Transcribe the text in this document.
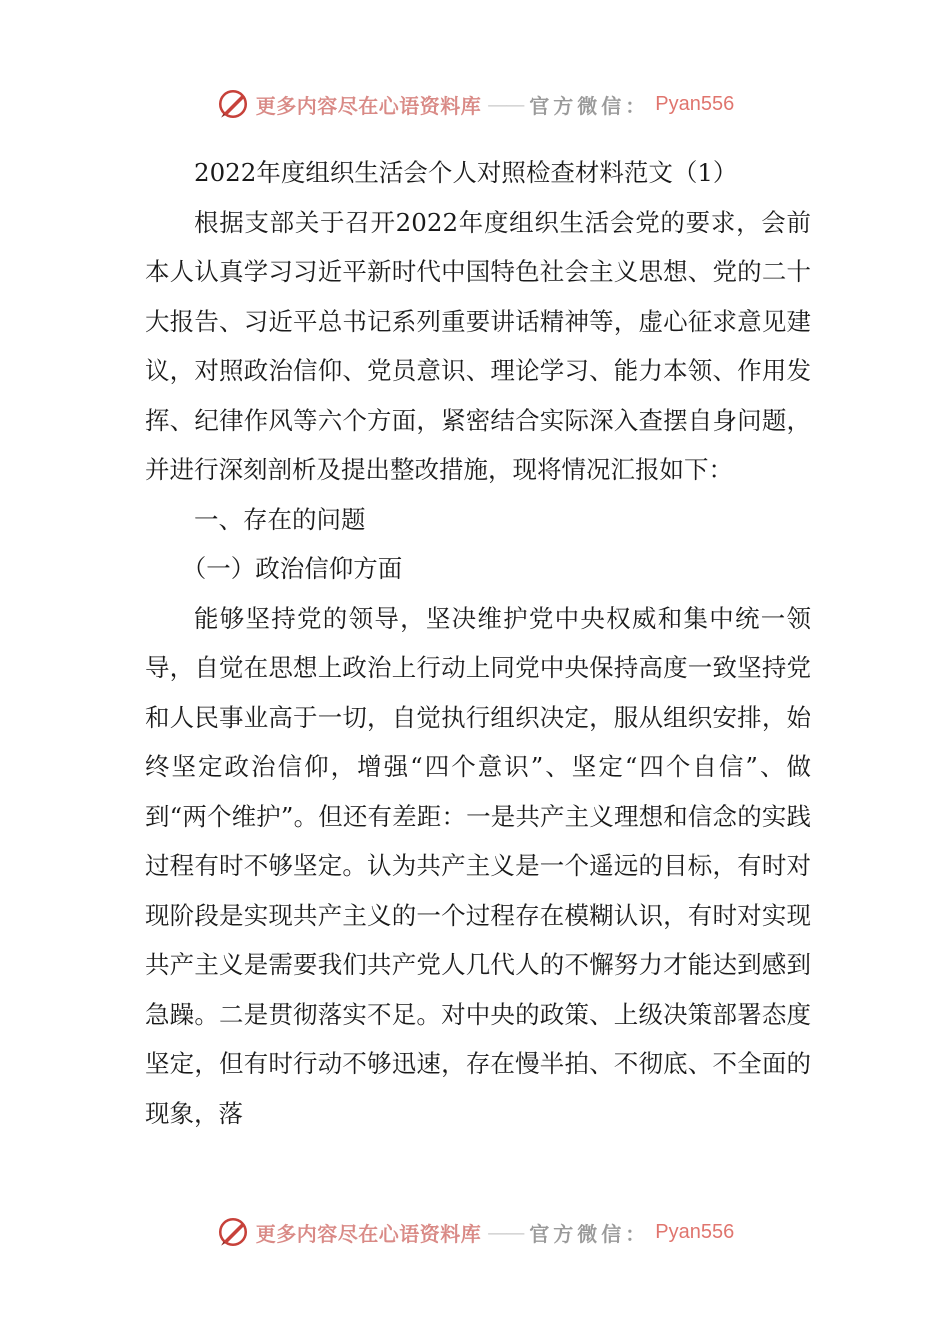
更多内容尽在心语资料库 —— 官方微信： Pyan556

2022年度组织生活会个人对照检查材料范文（1）

根据支部关于召开2022年度组织生活会党的要求，会前本人认真学习习近平新时代中国特色社会主义思想、党的二十大报告、习近平总书记系列重要讲话精神等，虚心征求意见建议，对照政治信仰、党员意识、理论学习、能力本领、作用发挥、纪律作风等六个方面，紧密结合实际深入查摆自身问题，并进行深刻剖析及提出整改措施，现将情况汇报如下：

一、存在的问题

（一）政治信仰方面

能够坚持党的领导，坚决维护党中央权威和集中统一领导，自觉在思想上政治上行动上同党中央保持高度一致坚持党和人民事业高于一切，自觉执行组织决定，服从组织安排，始终坚定政治信仰，增强“四个意识”、坚定“四个自信”、做到“两个维护”。但还有差距：一是共产主义理想和信念的实践过程有时不够坚定。认为共产主义是一个遥远的目标，有时对现阶段是实现共产主义的一个过程存在模糊认识，有时对实现共产主义是需要我们共产党人几代人的不懈努力才能达到感到急躁。二是贯彻落实不足。对中央的政策、上级决策部署态度坚定，但有时行动不够迅速，存在慢半拍、不彻底、不全面的现象，落

更多内容尽在心语资料库 —— 官方微信： Pyan556
